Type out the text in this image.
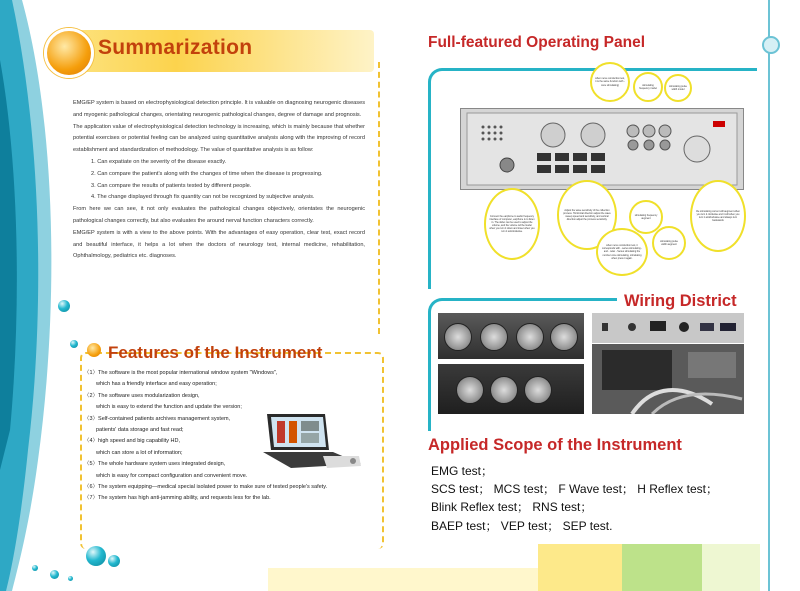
Summarization

EMG/EP system is based on electrophysiological detection principle. It is valuable on diagnosing neurogenic diseases and myogenic pathological changes, orientating neurogenic pathological changes, degree of damage and prognosis.

The application value of electrophysiological detection technology is increasing, which is mainly because that whether potential exercises or potential feeling can be analyzed using quantitative analysis along with the improving of record establishment and standardization of methodology. The value of quantitative analysis is as follow:

1. Can expatiate on the severity of the disease exactly.

2. Can compare the patient's along with the changes of time when the disease is progressing.

3. Can compare the results of patients tested by different people.

4. The change displayed through fix quantity can not be recognized by subjective analysis.

From here we can see, it not only evaluates the pathological changes objectively, orientates the neurogenic pathological changes correctly, but also evaluates the around nerval function characters correctly.

EMG/EP system is with a view to the above points. With the advantages of easy operation, clear test, exact record and beautiful interface, it helps a lot when the doctors of neurology test, internal medicine, rehabilitation, Ophthalmology, pediatrics etc. diagnoses.

Features of the Instrument
（1）The software is the most popular international window system "Windows",
which has a friendly interface and easy operation;
（2）The software uses modularization design,
which is easy to extend the function and update the version;
（3）Self-contained patients archives management system,
patients' data storage and fast read;
（4）high speed and big capability HD,
which can store a lot of information;
（5）The whole hardware system uses integrated design,
which is easy for compact configuration and convenient move.
（6）The system equipping—medical special isolated power to make sure of tested people's safety.
（7）The system has high anti-jamming ability, and requests less for the lab.
Full-featured Operating Panel
when nerve conduction test, it is the same function with - once stimulating)	stimulating frequency model
stimulating pulse width model
Connect the earphone to audio frequency interface of computer, earphone is to listen in. The slider can be used to adjust the volume, and the volume will be louder when you turn it down and lower when you turn it anticlockwise.
Adjust the wave sensitivity of the collection process. Horizontal direction adjust the wave sweep speed and sensitivity, and vertical direction adjust the process sensitivity.
stimulating frequency augment
when nerve conduction test, it corresponds with - series stimulating - and - relax - Series stimulating the number once stimulating, stimulating when press it again.
stimulating pulse width augment
the stimulating current will augment when you turn it clockwise and it will when you turn it anticlockwise and always turn backwards
Wiring District
Applied Scope of the Instrument
EMG test；
SCS test； MCS test； F Wave test； H Reflex test；
Blink Reflex test； RNS test；
BAEP test； VEP test； SEP test.
